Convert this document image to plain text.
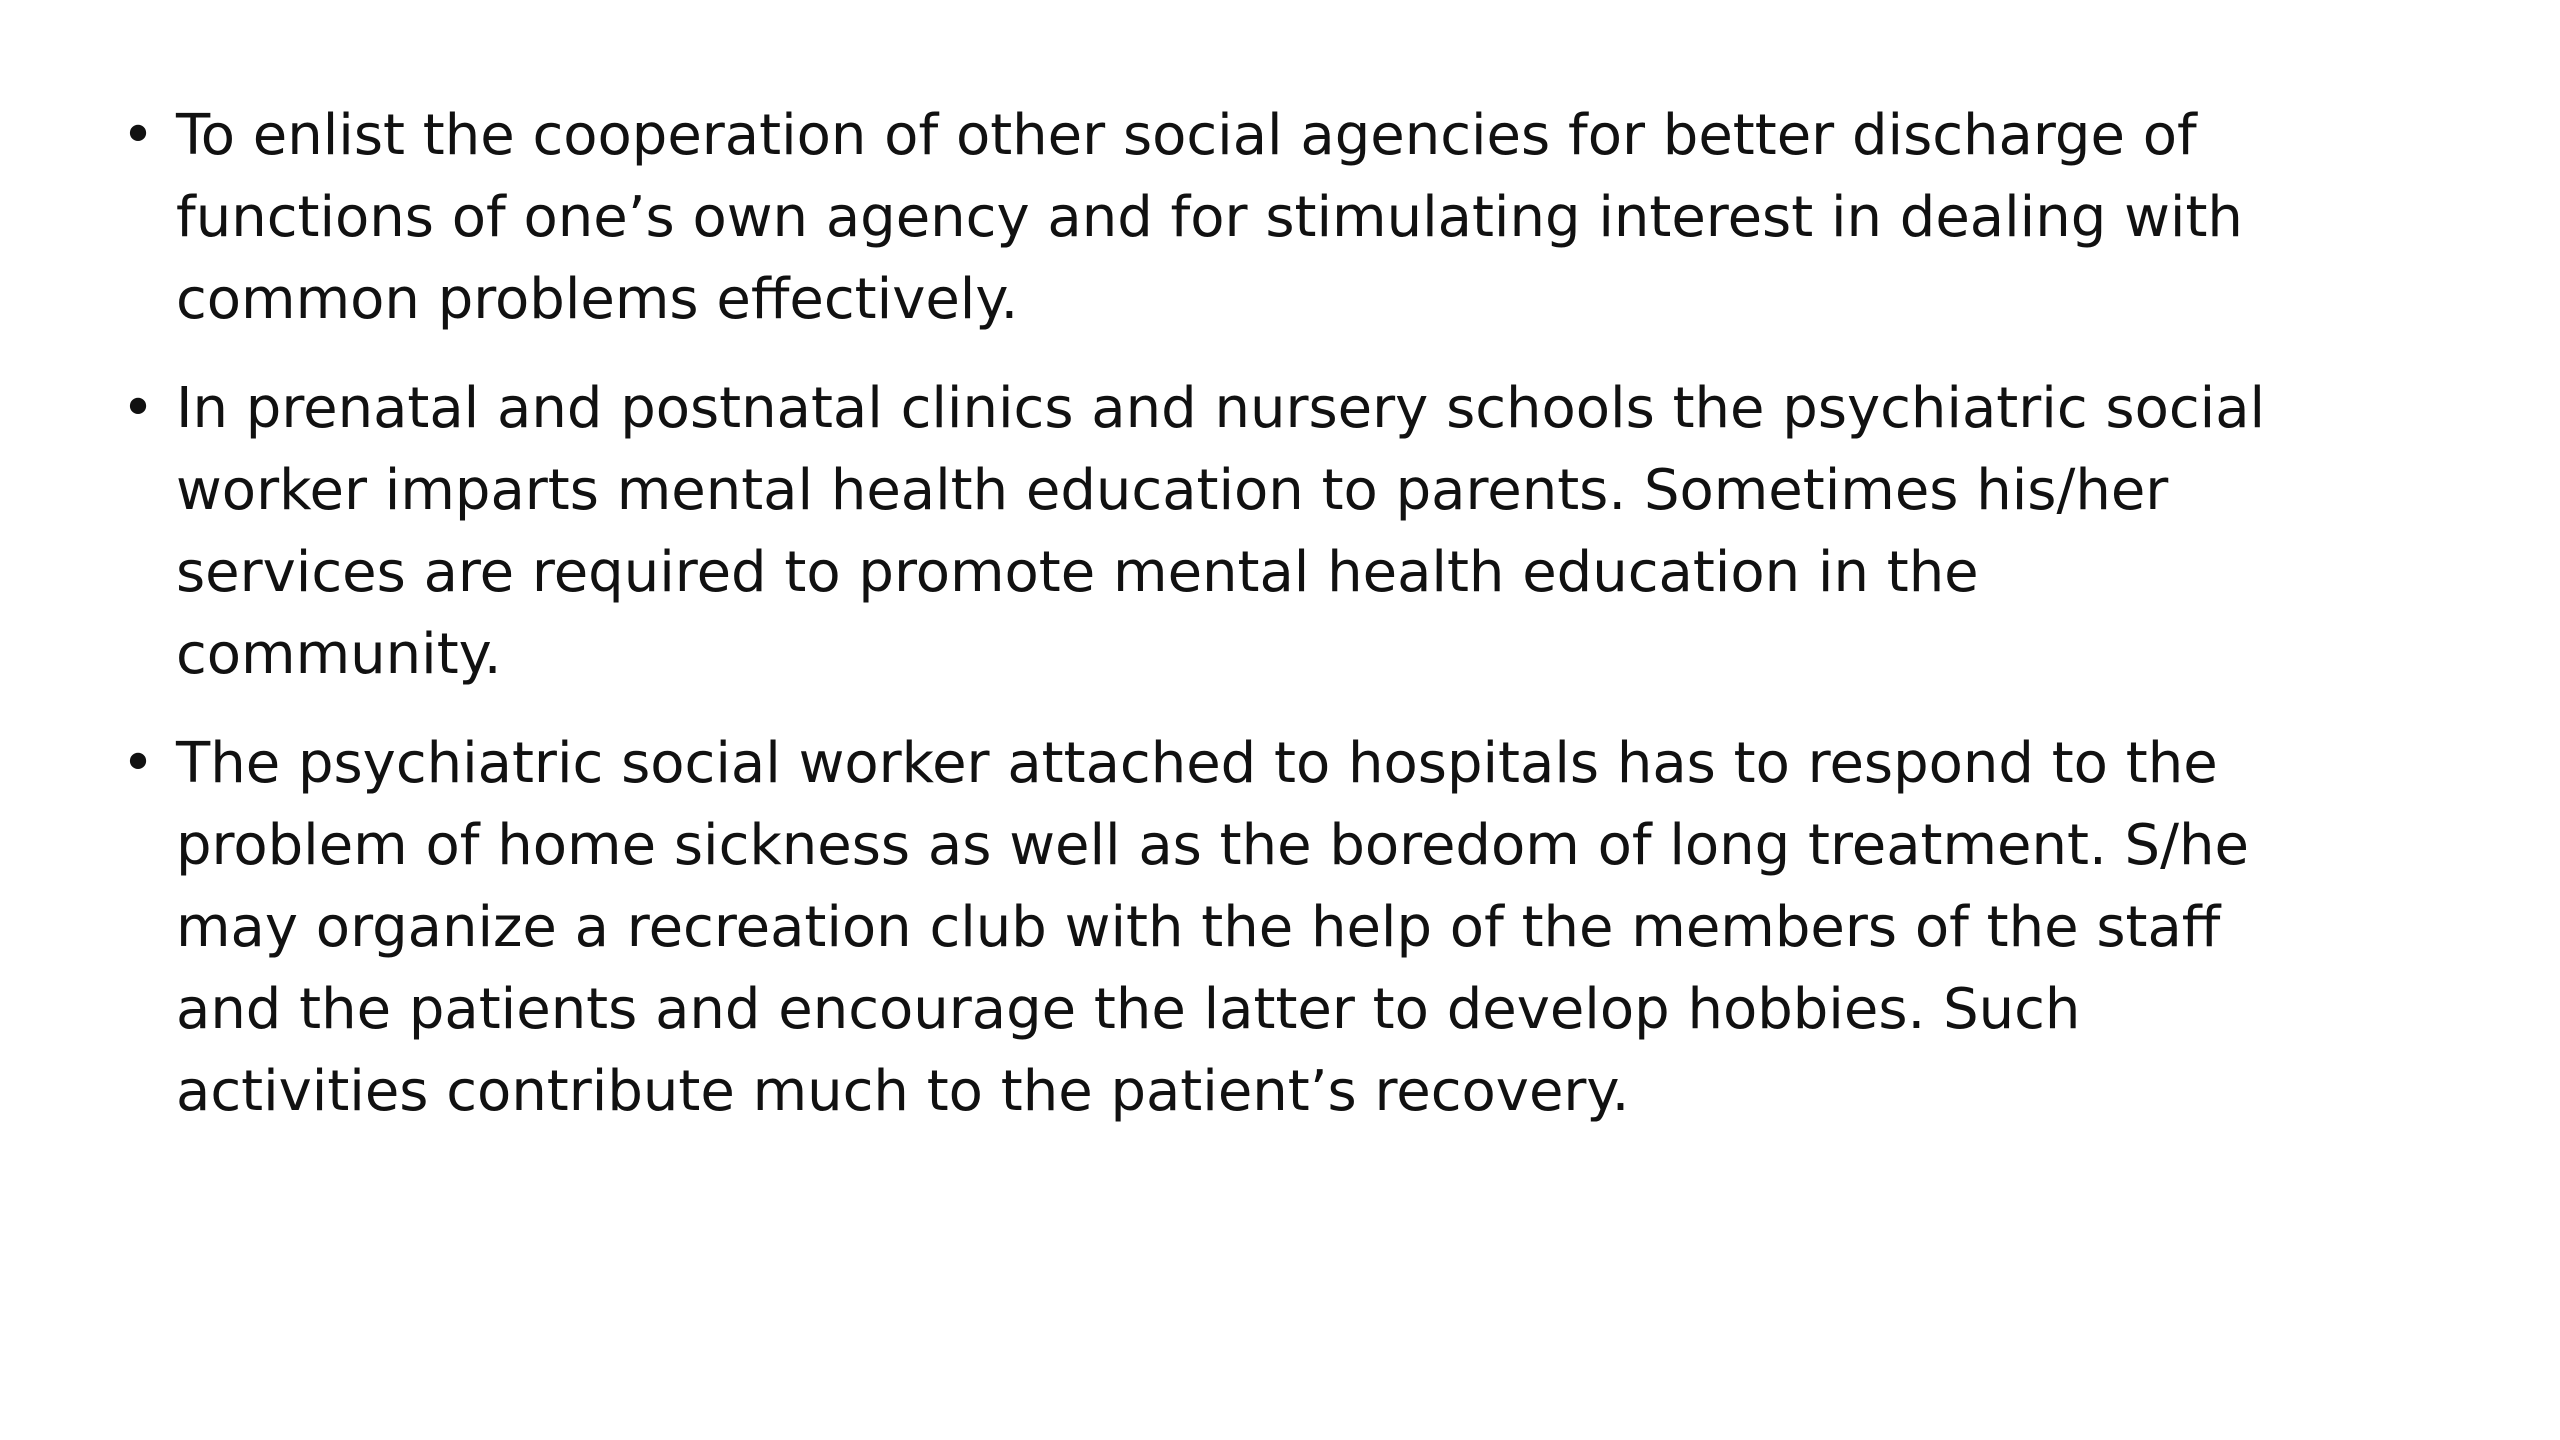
• To enlist the cooperation of other social agencies for better discharge of
functions of one’s own agency and for stimulating interest in dealing with
common problems effectively.
• In prenatal and postnatal clinics and nursery schools the psychiatric social
worker imparts mental health education to parents. Sometimes his/her
services are required to promote mental health education in the
community.
• The psychiatric social worker attached to hospitals has to respond to the
problem of home sickness as well as the boredom of long treatment. S/he
may organize a recreation club with the help of the members of the staff
and the patients and encourage the latter to develop hobbies. Such
activities contribute much to the patient’s recovery.
